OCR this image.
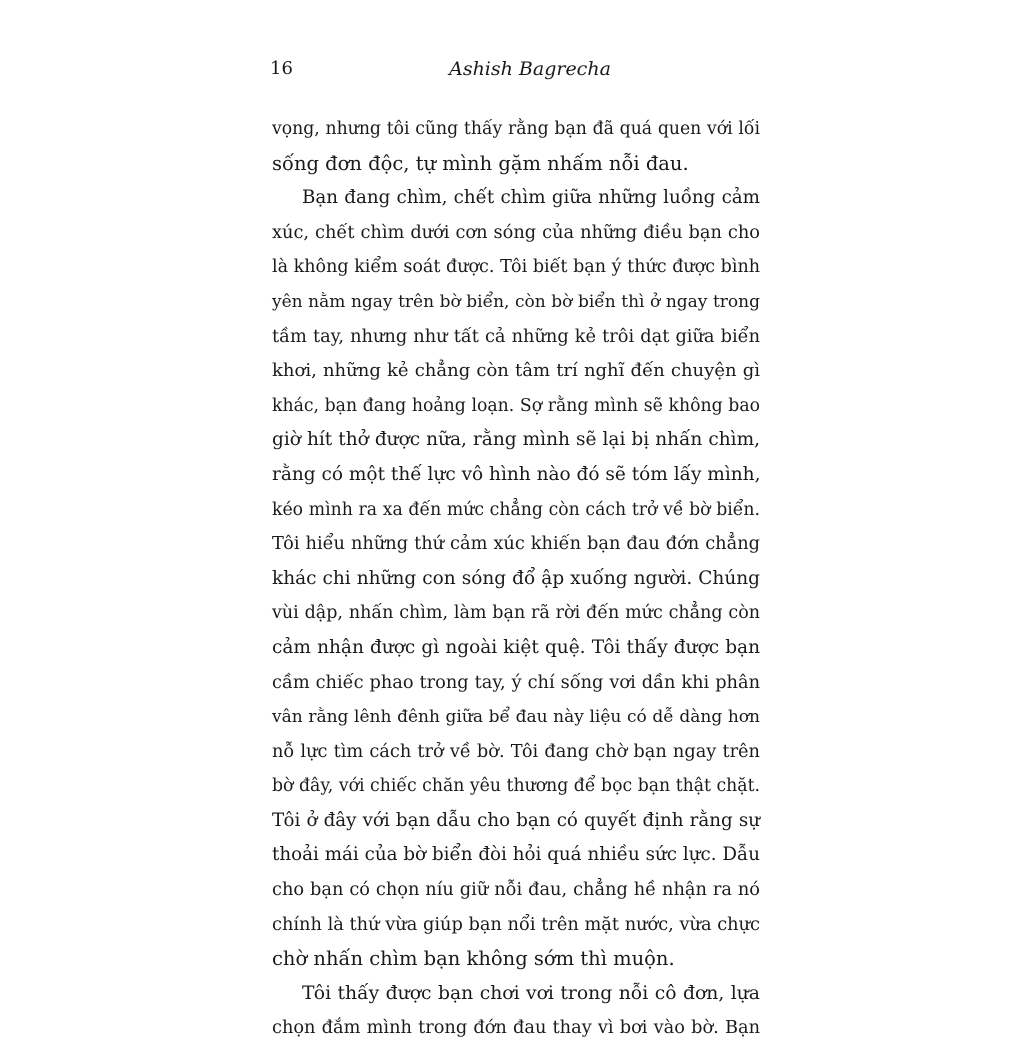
16	Ashish Bagrecha
vọng, nhưng tôi cũng thấy rằng bạn đã quá quen với lối
sống đơn độc, tự mình gặm nhấm nỗi đau.
Bạn đang chìm, chết chìm giữa những luồng cảm
xúc, chết chìm dưới cơn sóng của những điều bạn cho
là không kiểm soát được. Tôi biết bạn ý thức được bình
yên nằm ngay trên bờ biển, còn bờ biển thì ở ngay trong
tầm tay, nhưng như tất cả những kẻ trôi dạt giữa biển
khơi, những kẻ chẳng còn tâm trí nghĩ đến chuyện gì
khác, bạn đang hoảng loạn. Sợ rằng mình sẽ không bao
giờ hít thở được nữa, rằng mình sẽ lại bị nhấn chìm,
rằng có một thế lực vô hình nào đó sẽ tóm lấy mình,
kéo mình ra xa đến mức chẳng còn cách trở về bờ biển.
Tôi hiểu những thứ cảm xúc khiến bạn đau đớn chẳng
khác chi những con sóng đổ ập xuống người. Chúng
vùi dập, nhấn chìm, làm bạn rã rời đến mức chẳng còn
cảm nhận được gì ngoài kiệt quệ. Tôi thấy được bạn
cầm chiếc phao trong tay, ý chí sống vơi dần khi phân
vân rằng lênh đênh giữa bể đau này liệu có dễ dàng hơn
nỗ lực tìm cách trở về bờ. Tôi đang chờ bạn ngay trên
bờ đây, với chiếc chăn yêu thương để bọc bạn thật chặt.
Tôi ở đây với bạn dẫu cho bạn có quyết định rằng sự
thoải mái của bờ biển đòi hỏi quá nhiều sức lực. Dẫu
cho bạn có chọn níu giữ nỗi đau, chẳng hề nhận ra nó
chính là thứ vừa giúp bạn nổi trên mặt nước, vừa chực
chờ nhấn chìm bạn không sớm thì muộn.
Tôi thấy được bạn chơi vơi trong nỗi cô đơn, lựa
chọn đắm mình trong đớn đau thay vì bơi vào bờ. Bạn
